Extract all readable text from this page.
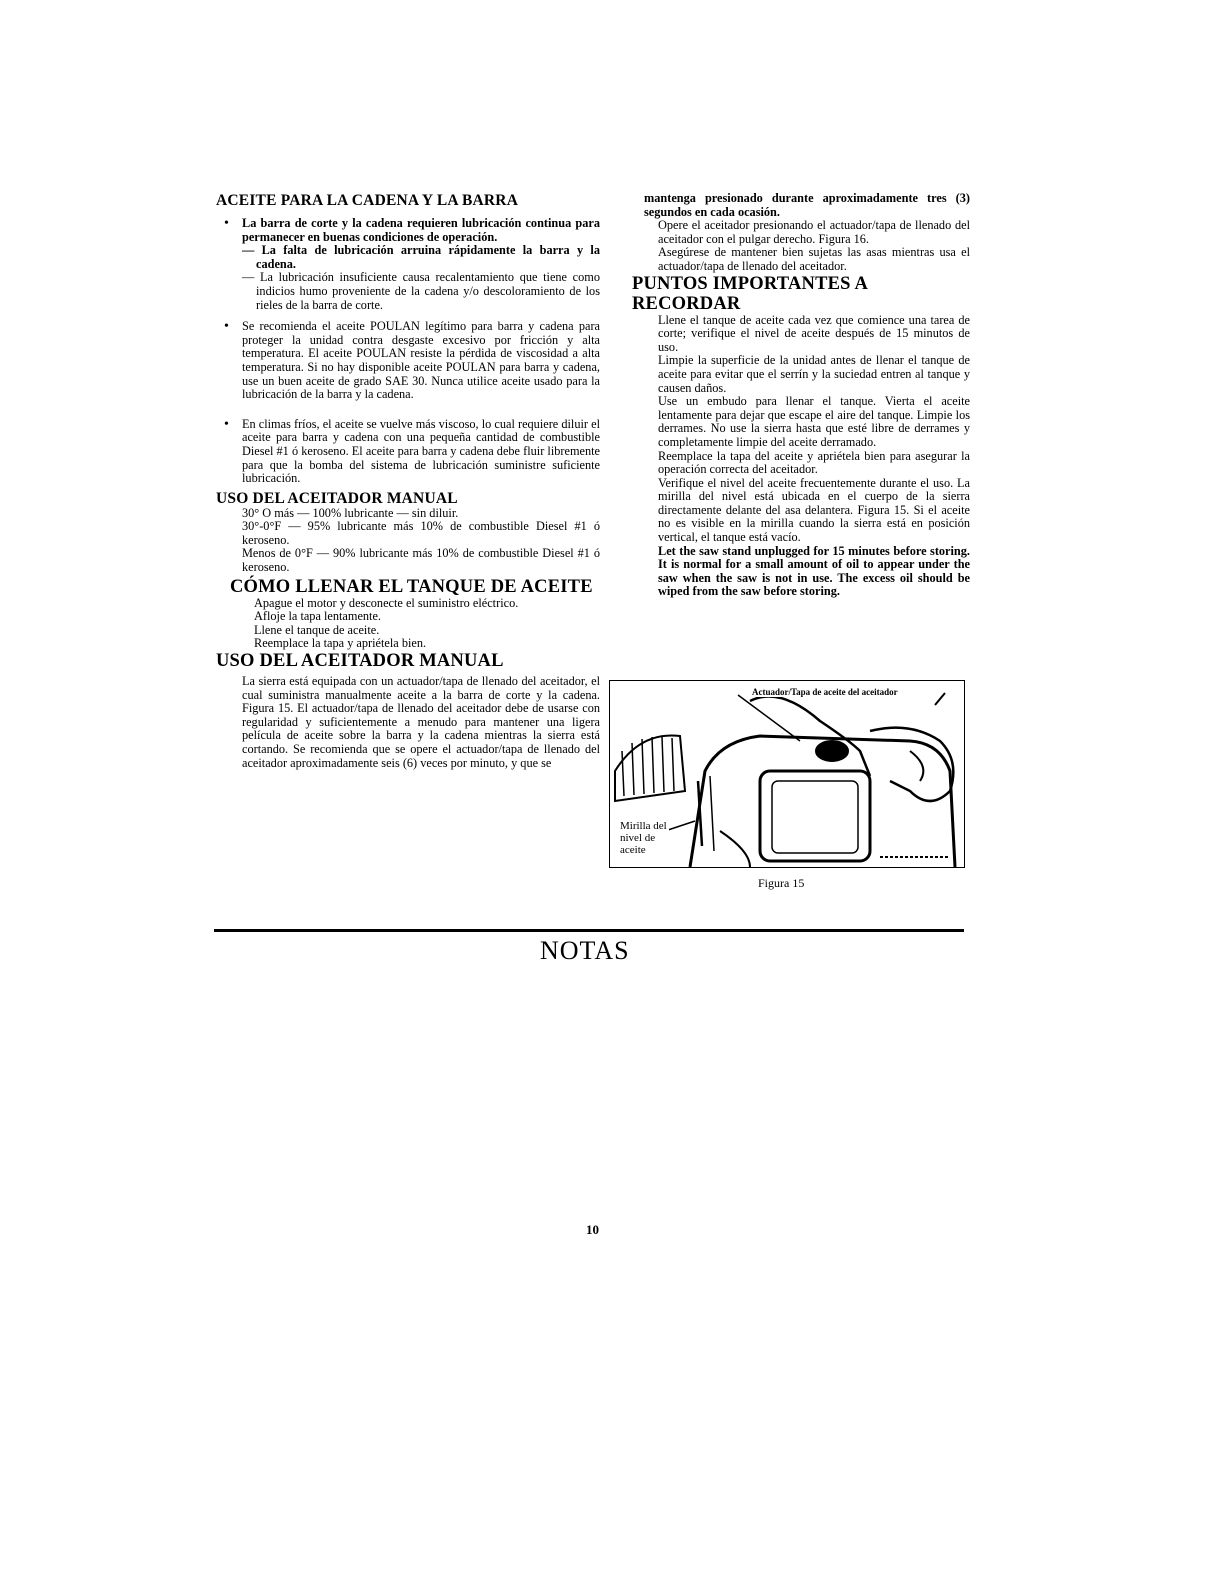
ACEITE PARA LA CADENA Y LA BARRA

• La barra de corte y la cadena requieren lubricación continua para permanecer en buenas condiciones de operación.

— La falta de lubricación arruina rápidamente la barra y la cadena.
— La lubricación insuficiente causa recalentamiento que tiene como indicios humo proveniente de la cadena y/o descoloramiento de los rieles de la barra de corte.

• Se recomienda el aceite POULAN legítimo para barra y cadena para proteger la unidad contra desgaste excesivo por fricción y alta temperatura. El aceite POULAN resiste la pérdida de viscosidad a alta temperatura. Si no hay disponible aceite POULAN para barra y cadena, use un buen aceite de grado SAE 30. Nunca utilice aceite usado para la lubricación de la barra y la cadena.

• En climas fríos, el aceite se vuelve más viscoso, lo cual requiere diluir el aceite para barra y cadena con una pequeña cantidad de combustible Diesel #1 ó keroseno. El aceite para barra y cadena debe fluir libremente para que la bomba del sistema de lubricación suministre suficiente lubricación.

USO DEL ACEITADOR MANUAL

30° O más — 100% lubricante — sin diluir.

30°-0°F — 95% lubricante más 10% de combustible Diesel #1 ó keroseno.

Menos de 0°F — 90% lubricante más 10% de combustible Diesel #1 ó keroseno.

CÓMO LLENAR EL TANQUE DE ACEITE

Apague el motor y desconecte el suministro eléctrico.

Afloje la tapa lentamente.

Llene el tanque de aceite.

Reemplace la tapa y apriétela bien.

USO DEL ACEITADOR MANUAL

La sierra está equipada con un actuador/tapa de llenado del aceitador, el cual suministra manualmente aceite a la barra de corte y la cadena. Figura 15. El actuador/tapa de llenado del aceitador debe de usarse con regularidad y suficientemente a menudo para mantener una ligera película de aceite sobre la barra y la cadena mientras la sierra está cortando. Se recomienda que se opere el actuador/tapa de llenado del aceitador aproximadamente seis (6) veces por minuto, y que se

mantenga presionado durante aproximadamente tres (3) segundos en cada ocasión.

Opere el aceitador presionando el actuador/tapa de llenado del aceitador con el pulgar derecho. Figura 16.

Asegúrese de mantener bien sujetas las asas mientras usa el actuador/tapa de llenado del aceitador.

PUNTOS IMPORTANTES A RECORDAR

Llene el tanque de aceite cada vez que comience una tarea de corte; verifique el nivel de aceite después de 15 minutos de uso.

Limpie la superficie de la unidad antes de llenar el tanque de aceite para evitar que el serrín y la suciedad entren al tanque y causen daños.

Use un embudo para llenar el tanque. Vierta el aceite lentamente para dejar que escape el aire del tanque. Limpie los derrames. No use la sierra hasta que esté libre de derrames y completamente limpie del aceite derramado.

Reemplace la tapa del aceite y apriétela bien para asegurar la operación correcta del aceitador.

Verifique el nivel del aceite frecuentemente durante el uso. La mirilla del nivel está ubicada en el cuerpo de la sierra directamente delante del asa delantera. Figura 15. Si el aceite no es visible en la mirilla cuando la sierra está en posición vertical, el tanque está vacío.

Let the saw stand unplugged for 15 minutes before storing. It is normal for a small amount of oil to appear under the saw when the saw is not in use. The excess oil should be wiped from the saw before storing.

Actuador/Tapa de aceite del aceitador
Mirilla del
nivel de
aceite
Figura 15
NOTAS
10
